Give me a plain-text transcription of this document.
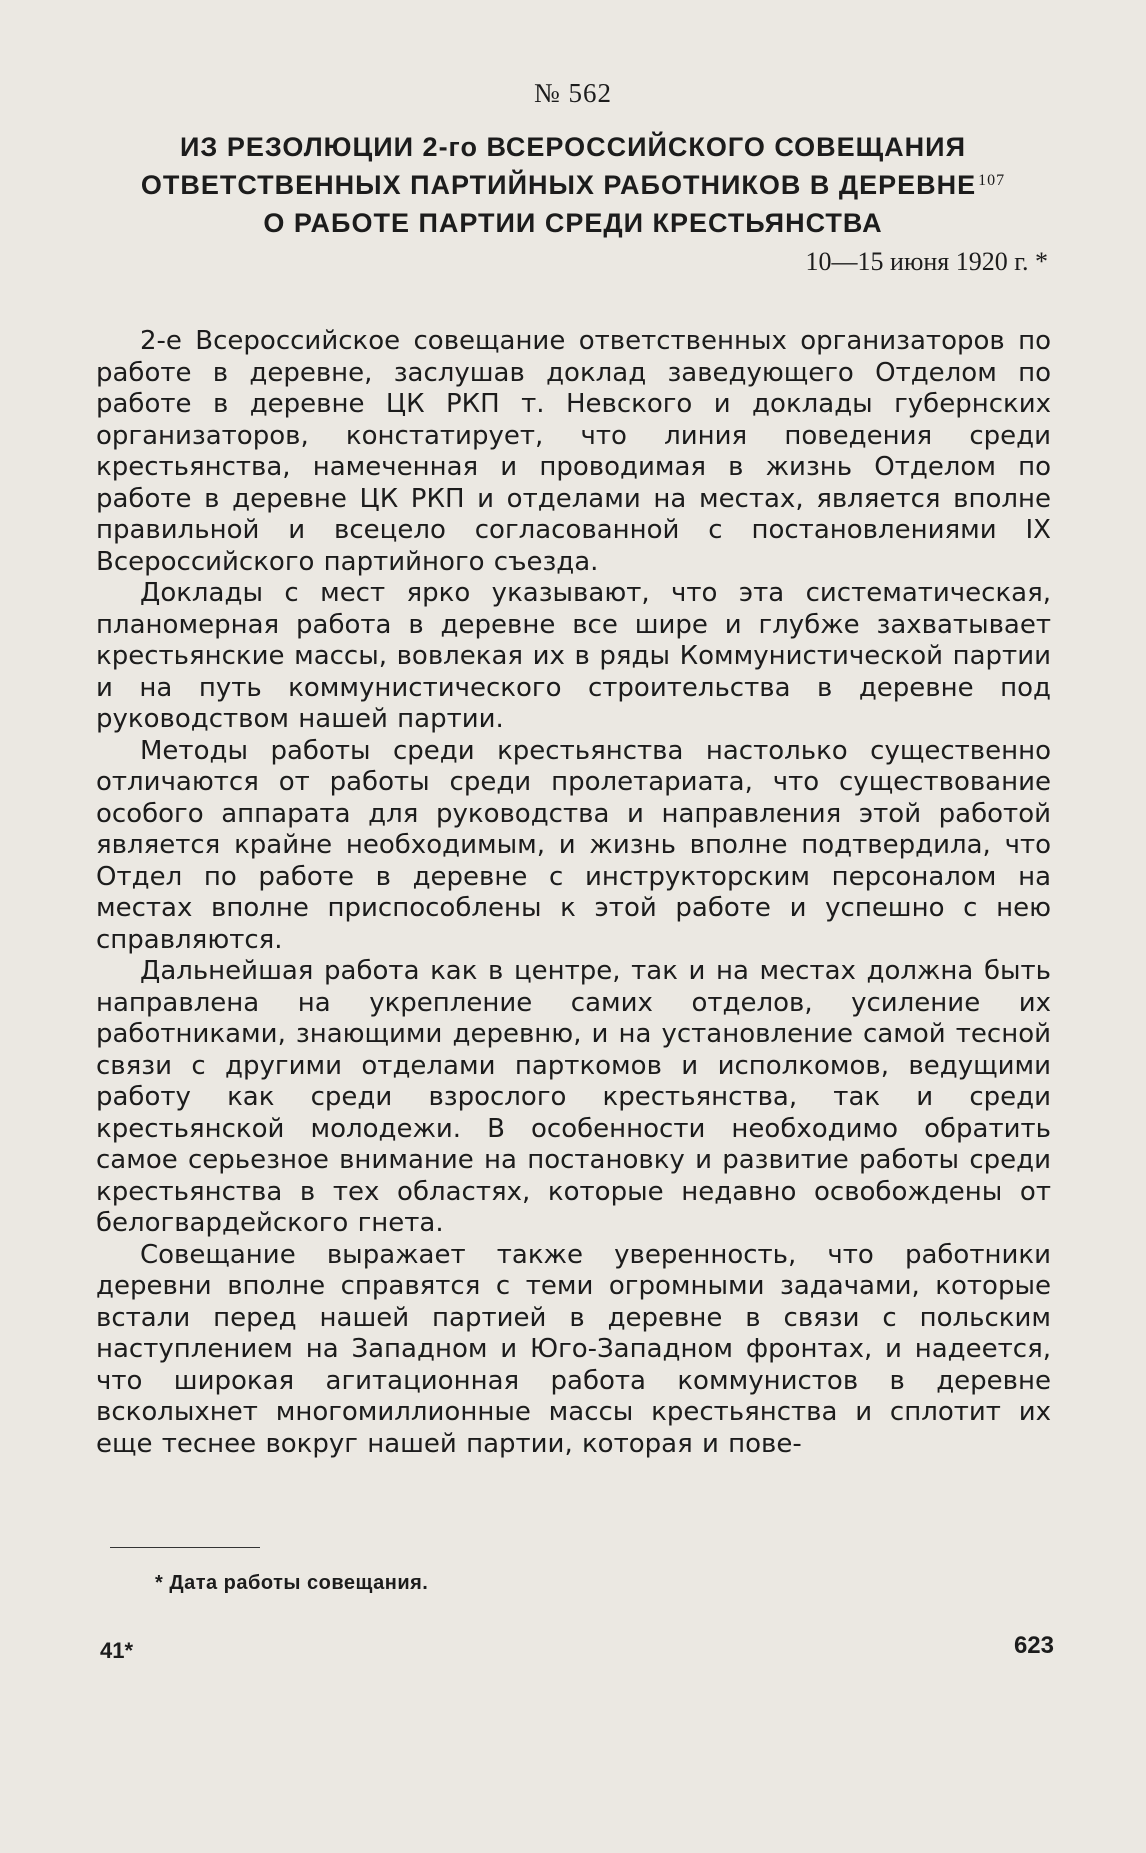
№ 562
ИЗ РЕЗОЛЮЦИИ 2-го ВСЕРОССИЙСКОГО СОВЕЩАНИЯ
ОТВЕТСТВЕННЫХ ПАРТИЙНЫХ РАБОТНИКОВ В ДЕРЕВНЕ $^{107}$
О РАБОТЕ ПАРТИИ СРЕДИ КРЕСТЬЯНСТВА
10—15 июня 1920 г. *

2-е Всероссийское совещание ответственных организаторов по работе в деревне, заслушав доклад заведующего Отделом по работе в деревне ЦК РКП т. Невского и доклады губернских организаторов, констатирует, что линия поведения среди крестьянства, намеченная и проводимая в жизнь Отделом по работе в деревне ЦК РКП и отделами на местах, является вполне правильной и всецело согласованной с постановлениями IX Всероссийского партийного съезда.

Доклады с мест ярко указывают, что эта систематическая, планомерная работа в деревне все шире и глубже захватывает крестьянские массы, вовлекая их в ряды Коммунистической партии и на путь коммунистического строительства в деревне под руководством нашей партии.

Методы работы среди крестьянства настолько существенно отличаются от работы среди пролетариата, что существование особого аппарата для руководства и направления этой работой является крайне необходимым, и жизнь вполне подтвердила, что Отдел по работе в деревне с инструкторским персоналом на местах вполне приспособлены к этой работе и успешно с нею справляются.

Дальнейшая работа как в центре, так и на местах должна быть направлена на укрепление самих отделов, усиление их работниками, знающими деревню, и на установление самой тесной связи с другими отделами парткомов и исполкомов, ведущими работу как среди взрослого крестьянства, так и среди крестьянской молодежи. В особенности необходимо обратить самое серьезное внимание на постановку и развитие работы среди крестьянства в тех областях, которые недавно освобождены от белогвардейского гнета.

Совещание выражает также уверенность, что работники деревни вполне справятся с теми огромными задачами, которые встали перед нашей партией в деревне в связи с польским наступлением на Западном и Юго-Западном фронтах, и надеется, что широкая агитационная работа коммунистов в деревне всколыхнет многомиллионные массы крестьянства и сплотит их еще теснее вокруг нашей партии, которая и пове-

* Дата работы совещания.
41*	623
